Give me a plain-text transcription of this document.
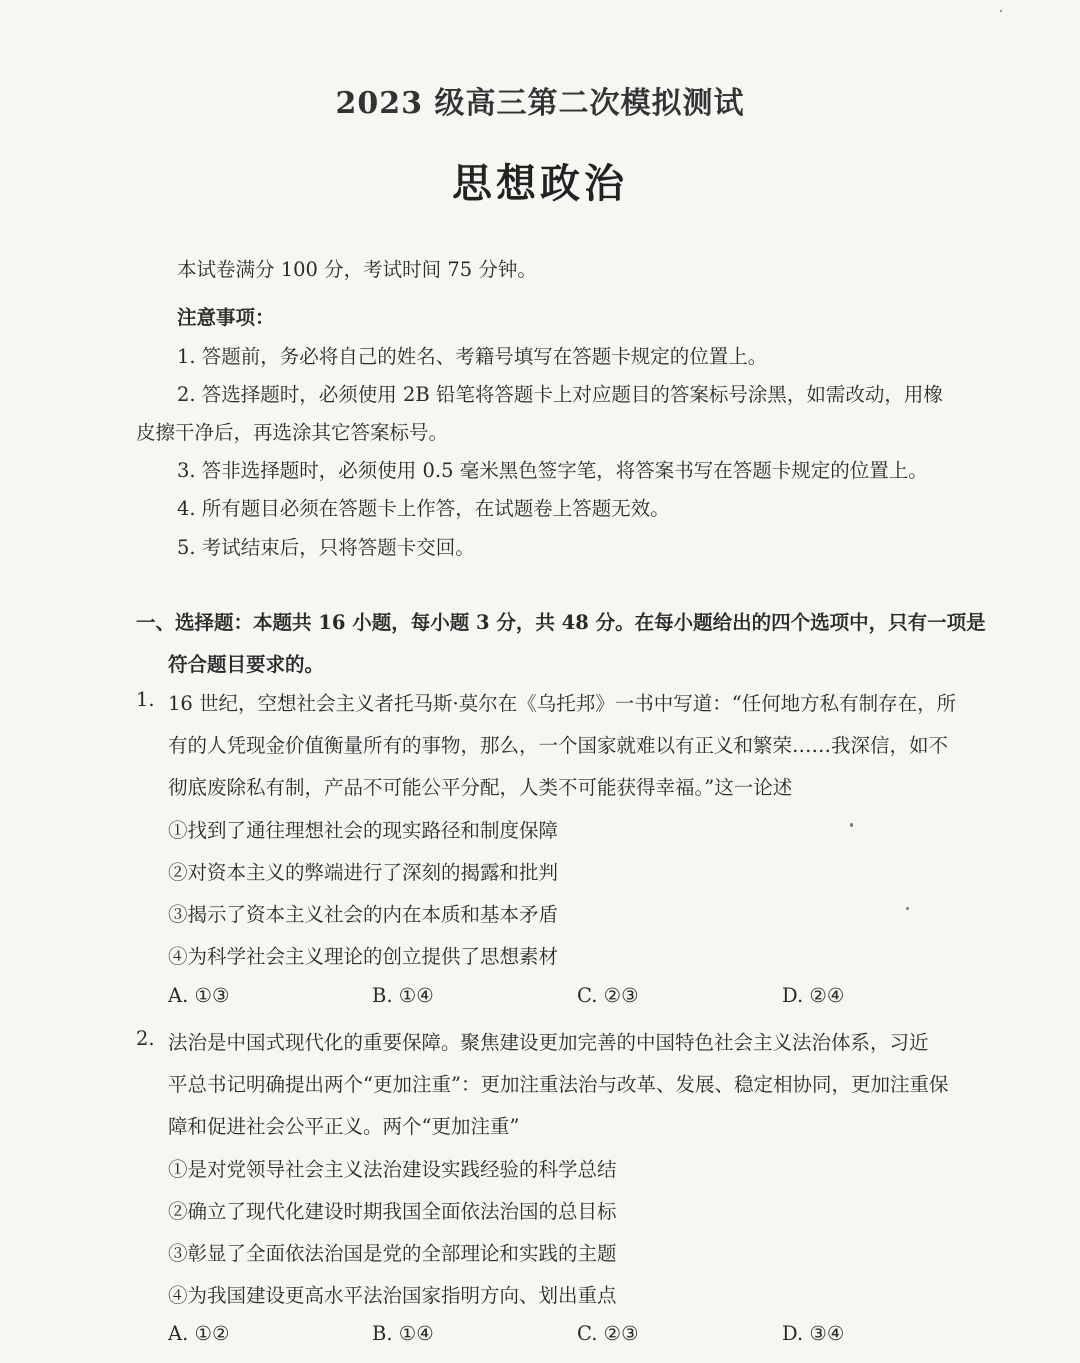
2023 级高三第二次模拟测试
思想政治
本试卷满分 100 分，考试时间 75 分钟。
注意事项：
1. 答题前，务必将自己的姓名、考籍号填写在答题卡规定的位置上。
2. 答选择题时，必须使用 2B 铅笔将答题卡上对应题目的答案标号涂黑，如需改动，用橡
皮擦干净后，再选涂其它答案标号。
3. 答非选择题时，必须使用 0.5 毫米黑色签字笔，将答案书写在答题卡规定的位置上。
4. 所有题目必须在答题卡上作答，在试题卷上答题无效。
5. 考试结束后，只将答题卡交回。
一、选择题：本题共 16 小题，每小题 3 分，共 48 分。在每小题给出的四个选项中，只有一项是
符合题目要求的。
1. 16 世纪，空想社会主义者托马斯·莫尔在《乌托邦》一书中写道：“任何地方私有制存在，所
有的人凭现金价值衡量所有的事物，那么，一个国家就难以有正义和繁荣……我深信，如不
彻底废除私有制，产品不可能公平分配，人类不可能获得幸福。”这一论述
①找到了通往理想社会的现实路径和制度保障
②对资本主义的弊端进行了深刻的揭露和批判
③揭示了资本主义社会的内在本质和基本矛盾
④为科学社会主义理论的创立提供了思想素材
A. ①③	B. ①④	C. ②③	D. ②④
2. 法治是中国式现代化的重要保障。聚焦建设更加完善的中国特色社会主义法治体系，习近
平总书记明确提出两个“更加注重”：更加注重法治与改革、发展、稳定相协同，更加注重保
障和促进社会公平正义。两个“更加注重”
①是对党领导社会主义法治建设实践经验的科学总结
②确立了现代化建设时期我国全面依法治国的总目标
③彰显了全面依法治国是党的全部理论和实践的主题
④为我国建设更高水平法治国家指明方向、划出重点
A. ①②	B. ①④	C. ②③	D. ③④
